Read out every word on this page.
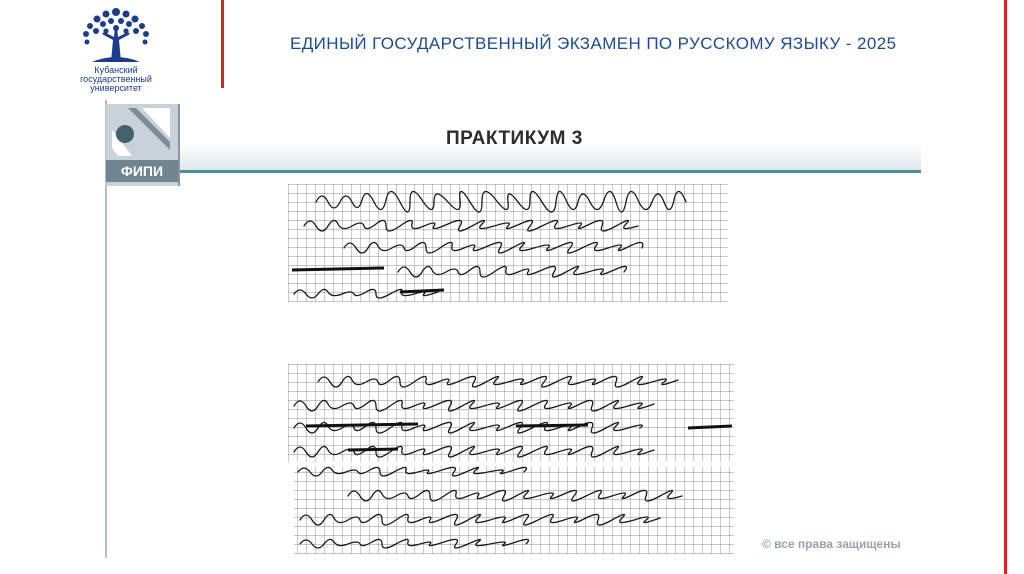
Кубанский
государственный
университет
ЕДИНЫЙ ГОСУДАРСТВЕННЫЙ ЭКЗАМЕН ПО РУССКОМУ ЯЗЫКУ - 2025
ФИПИ
ПРАКТИКУМ 3
© все права защищены
